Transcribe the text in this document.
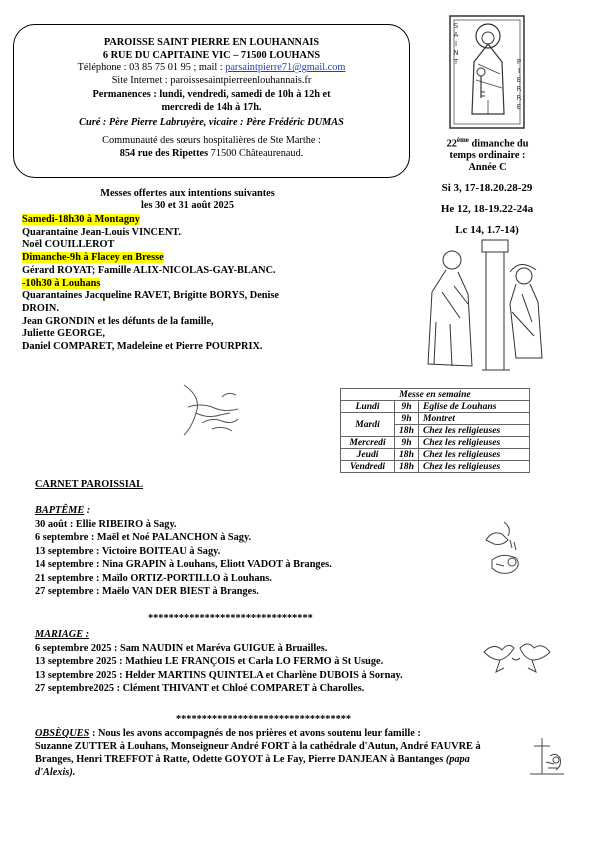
PAROISSE SAINT PIERRE EN LOUHANNAIS
6 RUE DU CAPITAINE VIC – 71500 LOUHANS
Téléphone : 03 85 75 01 95 ; mail : parsaintpierre71@gmail.com
Site Internet : paroissesaintpierreenlouhannais.fr
Permanences : lundi, vendredi, samedi de 10h à 12h et
mercredi de 14h à 17h.
Curé : Père Pierre Labruyère, vicaire : Père Frédéric DUMAS
Communauté des sœurs hospitalières de Ste Marthe :
854 rue des Ripettes 71500 Châteaurenaud.
S
A
I
N
T	P
I
E
R
R
E
22ème dimanche du
temps ordinaire :
Année C
Si 3, 17-18.20.28-29
He 12, 18-19.22-24a
Lc 14, 1.7-14)
Messes offertes aux intentions suivantes
les 30 et 31 août 2025
Samedi-18h30 à Montagny
Quarantaine Jean-Louis VINCENT.
Noël COUILLEROT
Dimanche-9h à Flacey en Bresse
Gérard ROYAT; Famille ALIX-NICOLAS-GAY-BLANC.
-10h30 à Louhans
Quarantaines Jacqueline RAVET, Brigitte BORYS, Denise
DROIN.
Jean GRONDIN et les défunts de la famille,
Juliette GEORGE,
Daniel COMPARET, Madeleine et Pierre POURPRIX.
Messe en semaine		
Lundi	9h	Eglise de Louhans
Mardi	9h	Montret
	18h	Chez les religieuses
Mercredi	9h	Chez les religieuses
Jeudi	18h	Chez les religieuses
Vendredi	18h	Chez les religieuses
CARNET PAROISSIAL
BAPTÊME :
30 août : Ellie RIBEIRO à Sagy.
6 septembre : Maël et Noé PALANCHON à Sagy.
13 septembre : Victoire BOITEAU à Sagy.
14 septembre : Nina GRAPIN à Louhans, Eliott VADOT à Branges.
21 septembre : Maïlo ORTIZ-PORTILLO à Louhans.
27 septembre : Maëlo VAN DER BIEST à Branges.
********************************
MARIAGE :
6 septembre 2025 : Sam NAUDIN et Maréva GUIGUE à Bruailles.
13 septembre 2025 : Mathieu LE FRANÇOIS et Carla LO FERMO à St Usuge.
13 septembre 2025 : Helder MARTINS QUINTELA et Charlène DUBOIS à Sornay.
27 septembre2025 : Clément THIVANT et Chloé COMPARET à Charolles.
**********************************
OBSÈQUES : Nous les avons accompagnés de nos prières et avons soutenu leur famille :
Suzanne ZUTTER à Louhans, Monseigneur André FORT à la cathédrale d'Autun, André FAUVRE à
Branges, Henri TREFFOT à Ratte, Odette GOYOT à Le Fay, Pierre DANJEAN à Bantanges (papa
d'Alexis).
